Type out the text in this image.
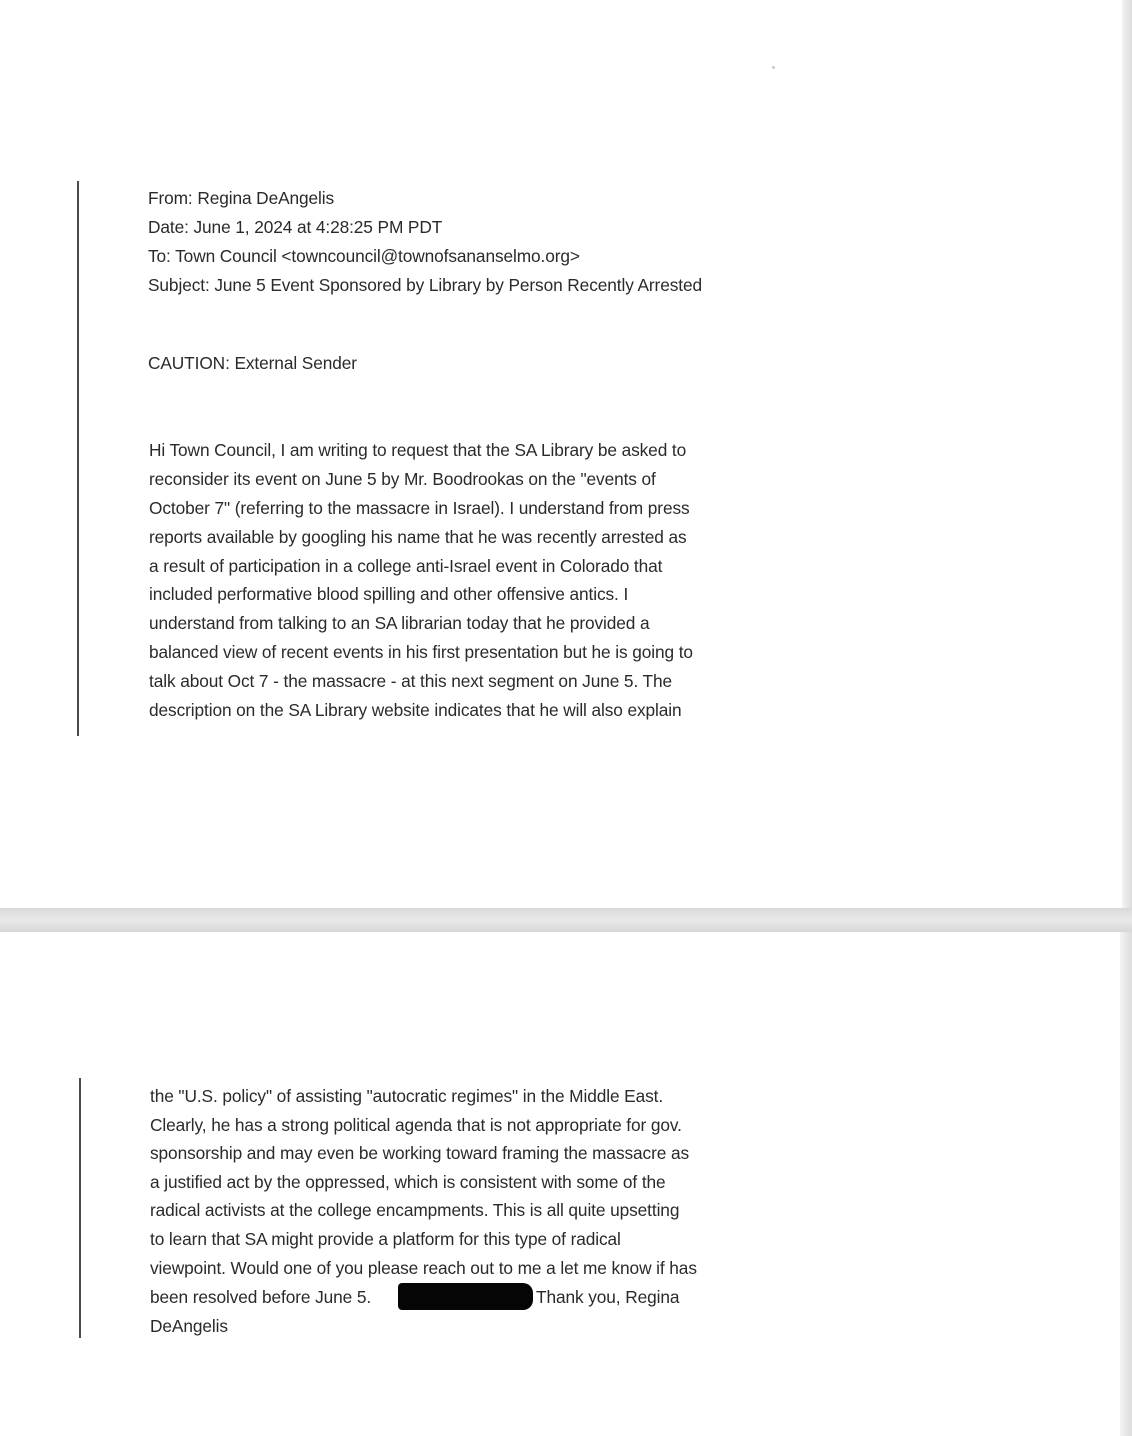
From: Regina DeAngelis
Date: June 1, 2024 at 4:28:25 PM PDT
To: Town Council <towncouncil@townofsananselmo.org>
Subject: June 5 Event Sponsored by Library by Person Recently Arrested
CAUTION: External Sender
Hi Town Council, I am writing to request that the SA Library be asked to
reconsider its event on June 5 by Mr. Boodrookas on the "events of
October 7" (referring to the massacre in Israel). I understand from press
reports available by googling his name that he was recently arrested as
a result of participation in a college anti-Israel event in Colorado that
included performative blood spilling and other offensive antics. I
understand from talking to an SA librarian today that he provided a
balanced view of recent events in his first presentation but he is going to
talk about Oct 7 - the massacre - at this next segment on June 5. The
description on the SA Library website indicates that he will also explain
the "U.S. policy" of assisting "autocratic regimes" in the Middle East.
Clearly, he has a strong political agenda that is not appropriate for gov.
sponsorship and may even be working toward framing the massacre as
a justified act by the oppressed, which is consistent with some of the
radical activists at the college encampments. This is all quite upsetting
to learn that SA might provide a platform for this type of radical
viewpoint. Would one of you please reach out to me a let me know if has
been resolved before June 5.	Thank you, Regina
DeAngelis
